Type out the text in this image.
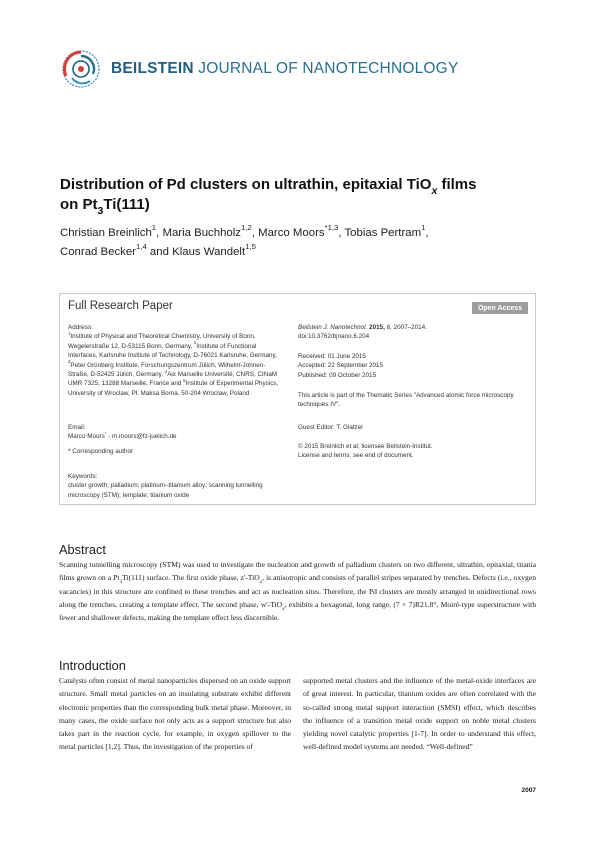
BEILSTEIN JOURNAL OF NANOTECHNOLOGY
Distribution of Pd clusters on ultrathin, epitaxial TiO$_x$ films
on $Pt_3Ti(111)$
Christian Breinlich$^1$, Maria Buchholz$^{1,2}$, Marco Moors$^{*1,3}$, Tobias Pertram$^1$,
Conrad Becker$^{1,4}$ and Klaus Wandelt$^{1,5}$
Full Research Paper	Open Access
Address:
$^1$Institute of Physical and Theoretical Chemistry, University of Bonn, Wegelerstraße 12, D-53115 Bonn, Germany, $^2$Institute of Functional Interfaces, Karlsruhe Institute of Technology, D-76021 Karlsruhe, Germany, $^3$Peter Grünberg Institute, Forschungszentrum Jülich, Wilhelm-Johnen-Straße, D-52425 Jülich, Germany, $^4$Aix Marseille Université, CNRS, CINaM UMR 7325, 13288 Marseille, France and $^5$Institute of Experimental Physics, University of Wroclaw, Pl. Maksa Borna, 50-204 Wroclaw, Poland
Email:
Marco Moors* - m.moors@fz-juelich.de
* Corresponding author
Keywords:
cluster growth; palladium; platinum–titanium alloy; scanning tunnelling microscopy (STM); template; titanium oxide
Beilstein J. Nanotechnol. 2015, 6, 2007–2014.
doi:10.3762/bjnano.6.204
Received: 01 June 2015
Accepted: 22 September 2015
Published: 09 October 2015
This article is part of the Thematic Series "Advanced atomic force microscopy techniques IV".
Guest Editor: T. Glatzel
© 2015 Breinlich et al; licensee Beilstein-Institut.
License and terms: see end of document.
Abstract
Scanning tunnelling microscopy (STM) was used to investigate the nucleation and growth of palladium clusters on two different, ultrathin, epitaxial, titania films grown on a $Pt_3Ti(111)$ surface. The first oxide phase, z'-TiO$_x$, is anisotropic and consists of parallel stripes separated by trenches. Defects (i.e., oxygen vacancies) in this structure are confined to these trenches and act as nucleation sites. Therefore, the Pd clusters are mostly arranged in unidirectional rows along the trenches, creating a template effect. The second phase, w'-TiO$_x$, exhibits a hexagonal, long range, (7 × 7)R21.8°, Moiré-type superstructure with fewer and shallower defects, making the template effect less discernible.
Introduction
Catalysts often consist of metal nanoparticles dispersed on an oxide support structure. Small metal particles on an insulating substrate exhibit different electronic properties than the corresponding bulk metal phase. Moreover, in many cases, the oxide surface not only acts as a support structure but also takes part in the reaction cycle, for example, in oxygen spillover to the metal particles [1,2]. Thus, the investigation of the properties of
supported metal clusters and the influence of the metal-oxide interfaces are of great interest. In particular, titanium oxides are often correlated with the so-called strong metal support interaction (SMSI) effect, which describes the influence of a transition metal oxide support on noble metal clusters yielding novel catalytic properties [1-7]. In order to understand this effect, well-defined model systems are needed. “Well-defined”
2007
